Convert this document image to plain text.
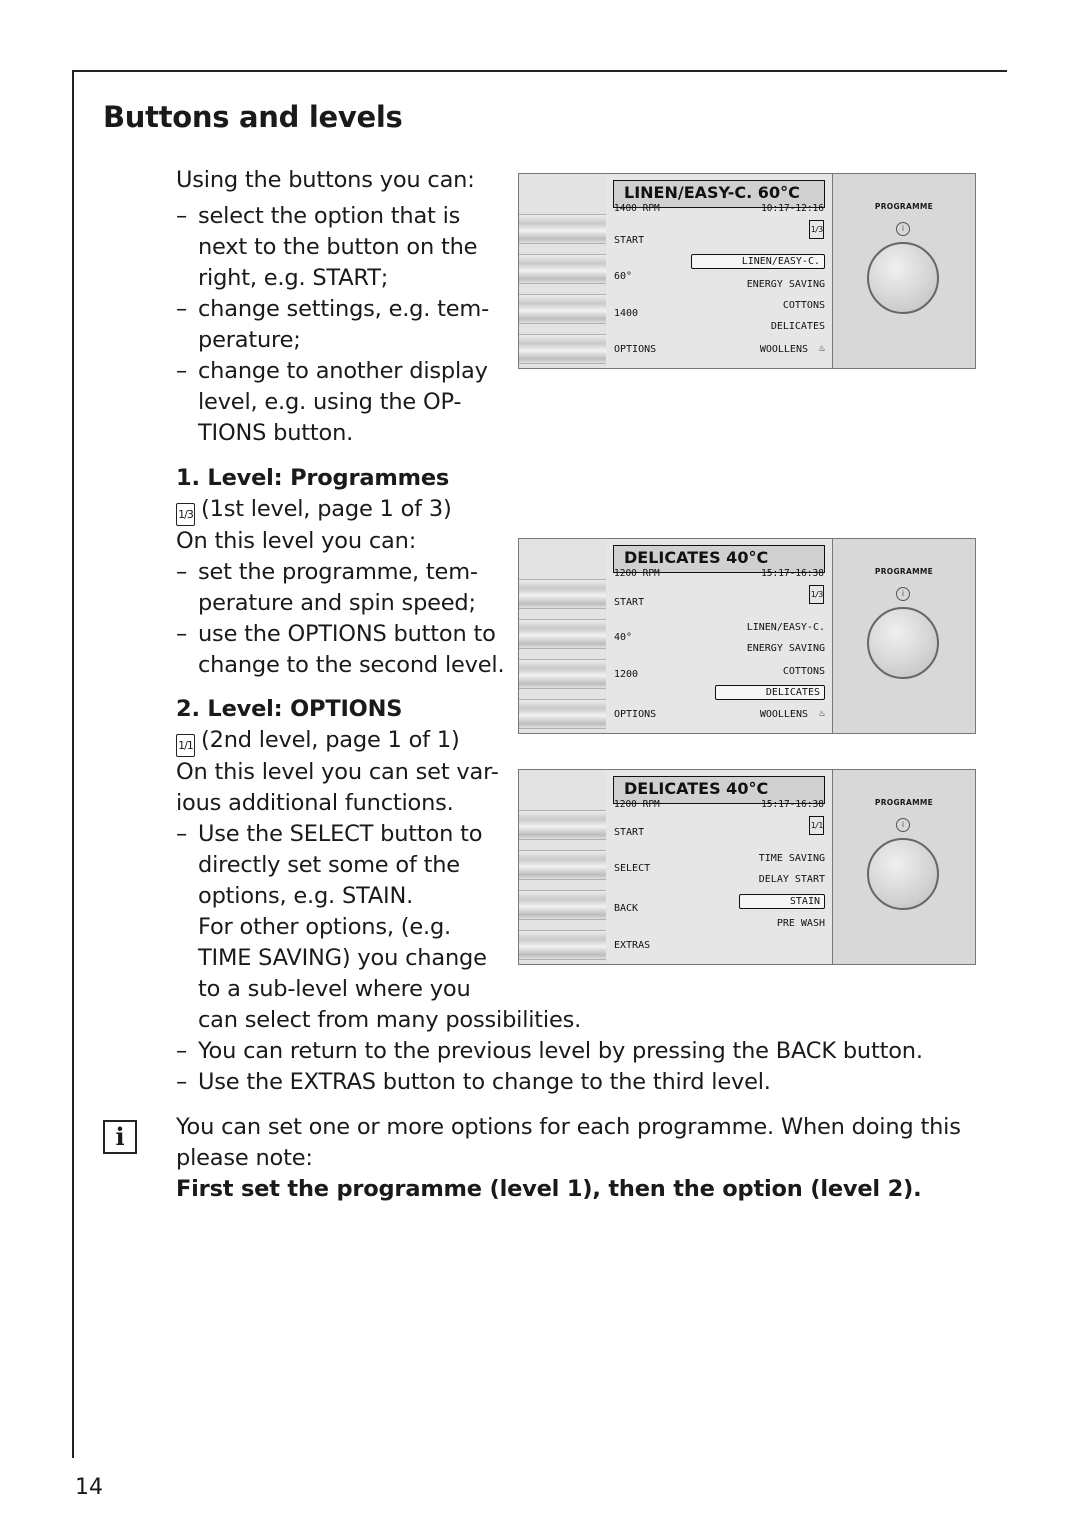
Buttons and levels
Using the buttons you can:
– select the option that is
next to the button on the
right, e.g. START;
– change settings, e.g. tem-
perature;
– change to another display
level, e.g. using the OP-
TIONS button.
1. Level: Programmes
1/3 (1st level, page 1 of 3)
On this level you can:
– set the programme, tem-
perature and spin speed;
– use the OPTIONS button to
change to the second level.
2. Level: OPTIONS
1/1 (2nd level, page 1 of 1)
On this level you can set var-
ious additional functions.
– Use the SELECT button to
directly set some of the
options, e.g. STAIN.
For other options, (e.g.
TIME SAVING) you change
to a sub-level where you
can select from many possibilities.
– You can return to the previous level by pressing the BACK button.
– Use the EXTRAS button to change to the third level.
i	You can set one or more options for each programme. When doing this
please note:
First set the programme (level 1), then the option (level 2).
LINEN/EASY-C. 60°C
1400 RPM	10:17-12:16
1/3
START
60°
1400
OPTIONS
LINEN/EASY-C.
ENERGY SAVING
COTTONS
DELICATES
WOOLLENS ♨
PROGRAMME
i
DELICATES 40°C
1200 RPM	15:17-16:38
1/3
START
40°
1200
OPTIONS
LINEN/EASY-C.
ENERGY SAVING
COTTONS
DELICATES
WOOLLENS ♨
PROGRAMME
i
DELICATES 40°C
1200 RPM	15:17-16:38
1/1
START
SELECT
BACK
EXTRAS
TIME SAVING
DELAY START
STAIN
PRE WASH
PROGRAMME
i
14
